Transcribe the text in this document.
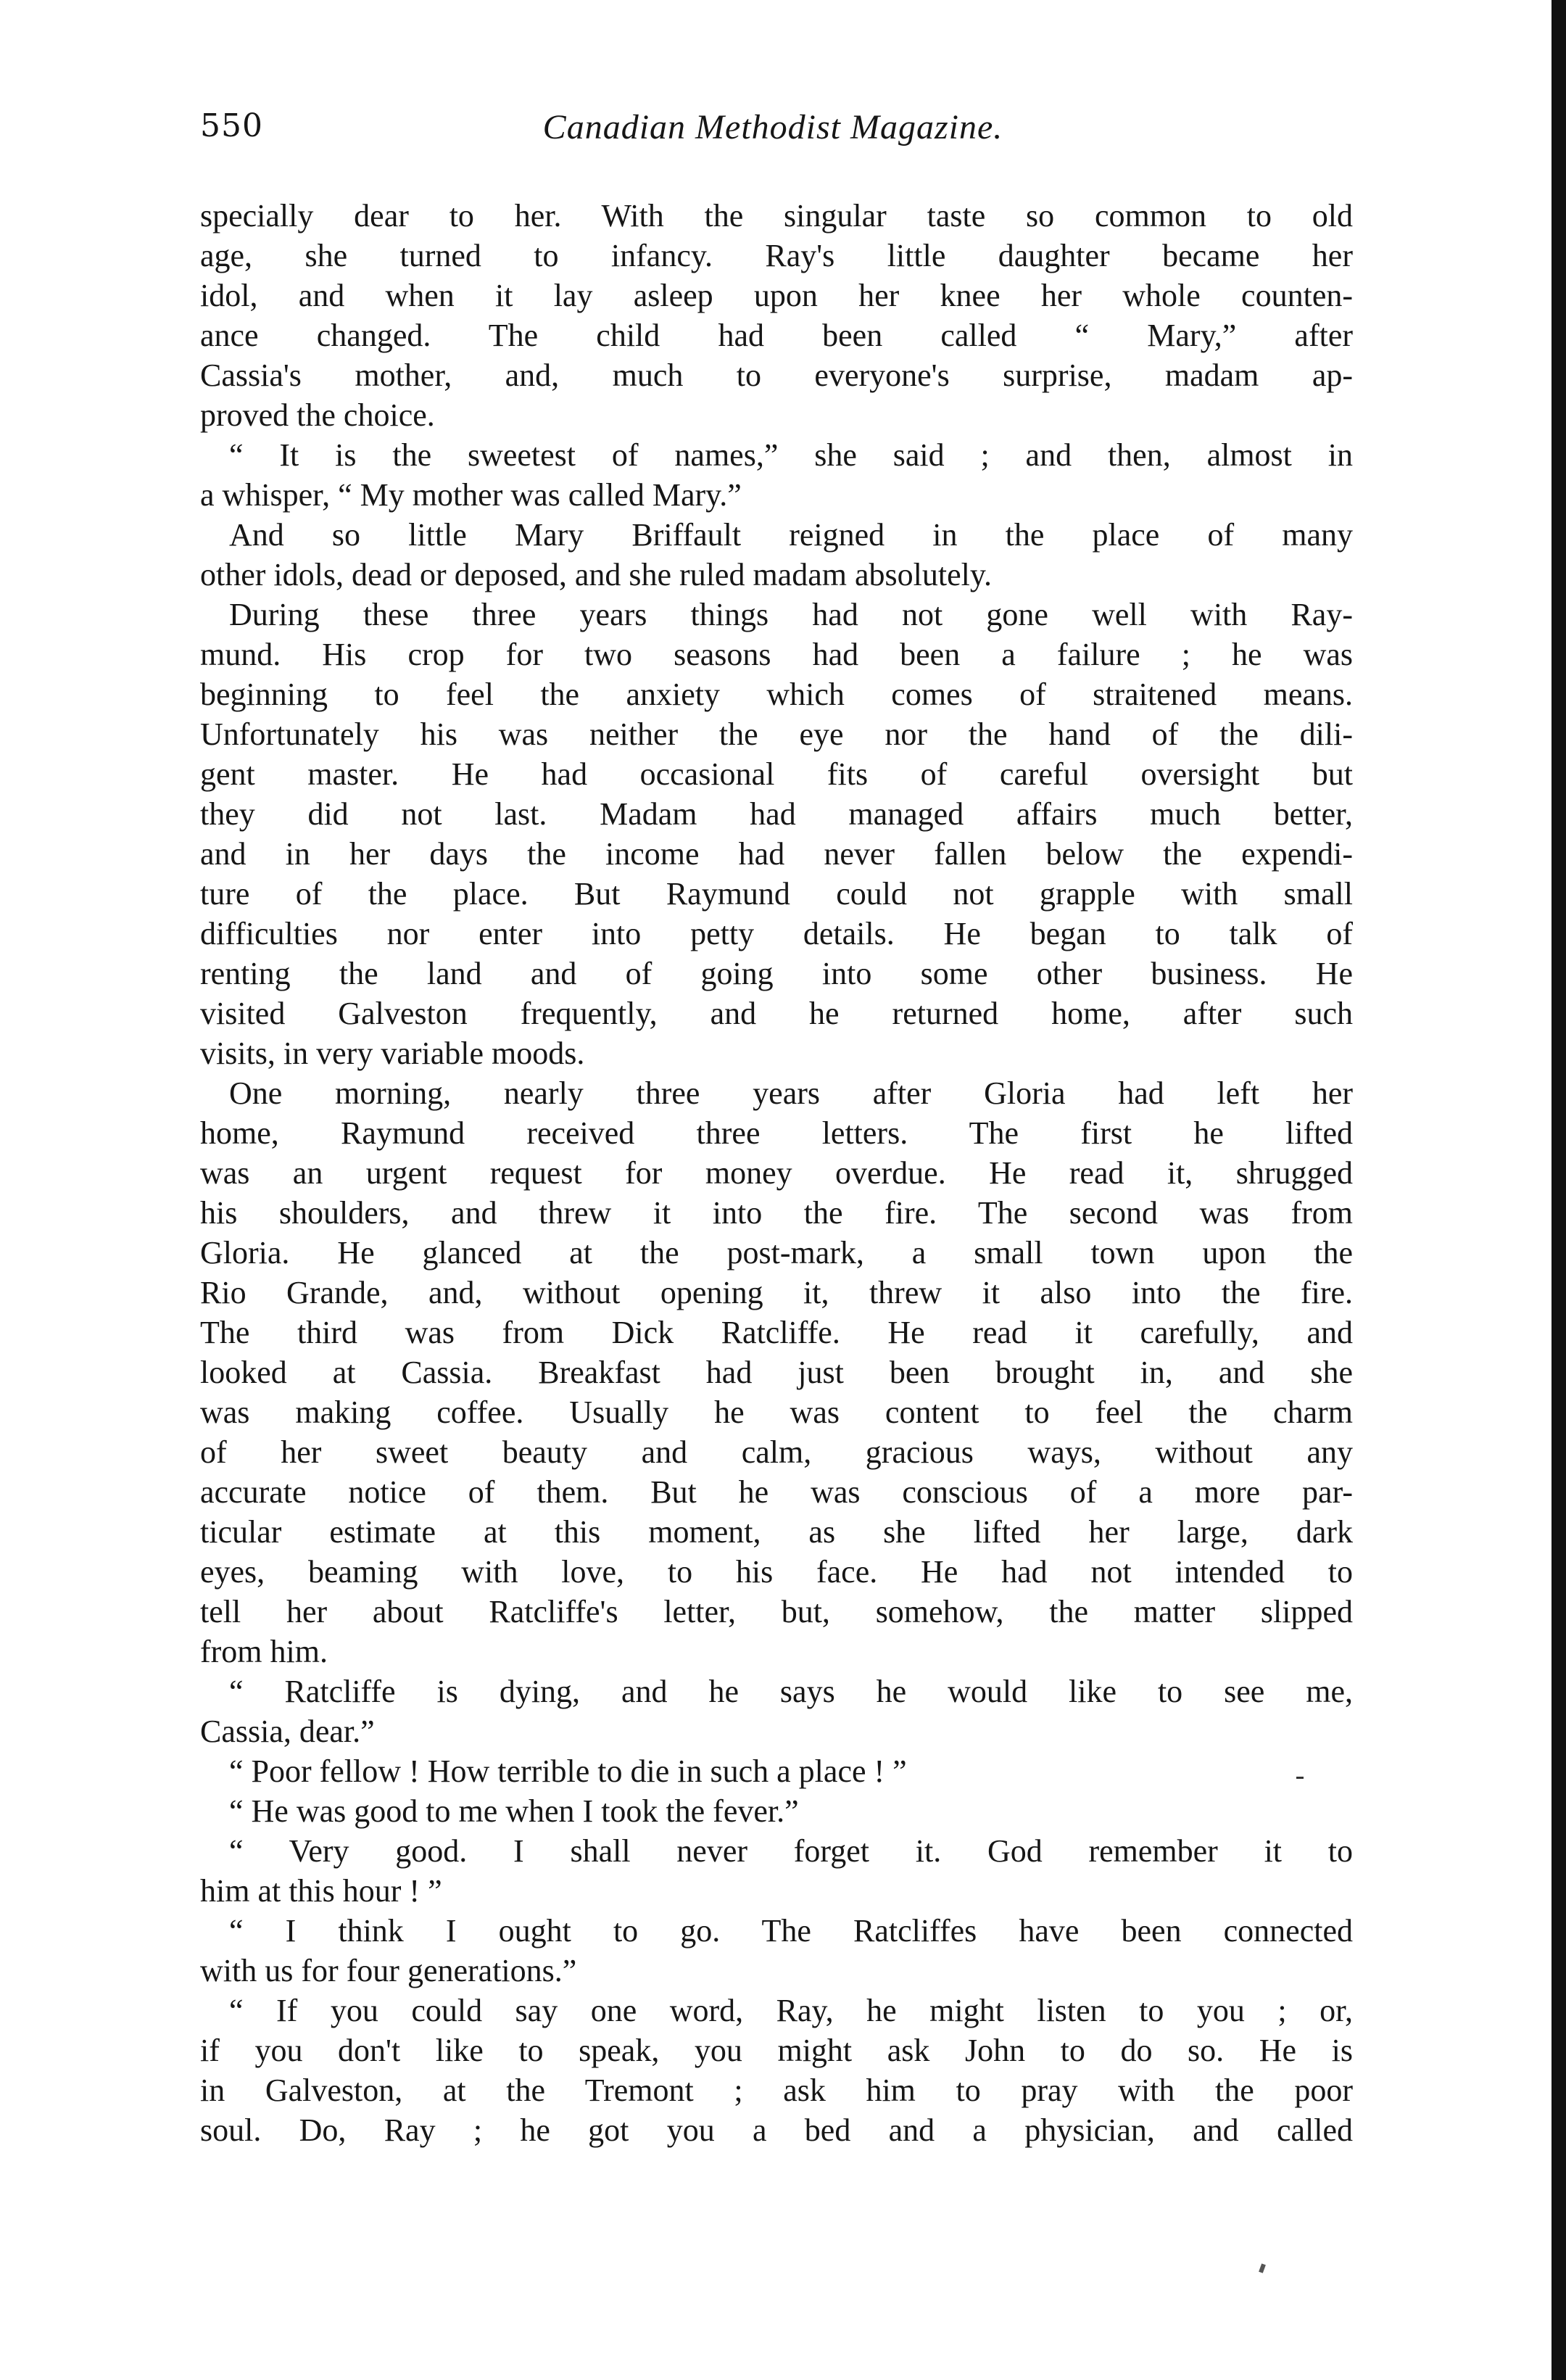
550	Canadian Methodist Magazine.
specially dear to her. With the singular taste so common to old
age, she turned to infancy. Ray's little daughter became her
idol, and when it lay asleep upon her knee her whole counten-
ance changed. The child had been called “ Mary,” after
Cassia's mother, and, much to everyone's surprise, madam ap-
proved the choice.
“ It is the sweetest of names,” she said ; and then, almost in
a whisper, “ My mother was called Mary.”
And so little Mary Briffault reigned in the place of many
other idols, dead or deposed, and she ruled madam absolutely.
During these three years things had not gone well with Ray-
mund. His crop for two seasons had been a failure ; he was
beginning to feel the anxiety which comes of straitened means.
Unfortunately his was neither the eye nor the hand of the dili-
gent master. He had occasional fits of careful oversight but
they did not last. Madam had managed affairs much better,
and in her days the income had never fallen below the expendi-
ture of the place. But Raymund could not grapple with small
difficulties nor enter into petty details. He began to talk of
renting the land and of going into some other business. He
visited Galveston frequently, and he returned home, after such
visits, in very variable moods.
One morning, nearly three years after Gloria had left her
home, Raymund received three letters. The first he lifted
was an urgent request for money overdue. He read it, shrugged
his shoulders, and threw it into the fire. The second was from
Gloria. He glanced at the post-mark, a small town upon the
Rio Grande, and, without opening it, threw it also into the fire.
The third was from Dick Ratcliffe. He read it carefully, and
looked at Cassia. Breakfast had just been brought in, and she
was making coffee. Usually he was content to feel the charm
of her sweet beauty and calm, gracious ways, without any
accurate notice of them. But he was conscious of a more par-
ticular estimate at this moment, as she lifted her large, dark
eyes, beaming with love, to his face. He had not intended to
tell her about Ratcliffe's letter, but, somehow, the matter slipped
from him.
“ Ratcliffe is dying, and he says he would like to see me,
Cassia, dear.”
“ Poor fellow ! How terrible to die in such a place ! ”
“ He was good to me when I took the fever.”
“ Very good. I shall never forget it. God remember it to
him at this hour ! ”
“ I think I ought to go. The Ratcliffes have been connected
with us for four generations.”
“ If you could say one word, Ray, he might listen to you ; or,
if you don't like to speak, you might ask John to do so. He is
in Galveston, at the Tremont ; ask him to pray with the poor
soul. Do, Ray ; he got you a bed and a physician, and called
